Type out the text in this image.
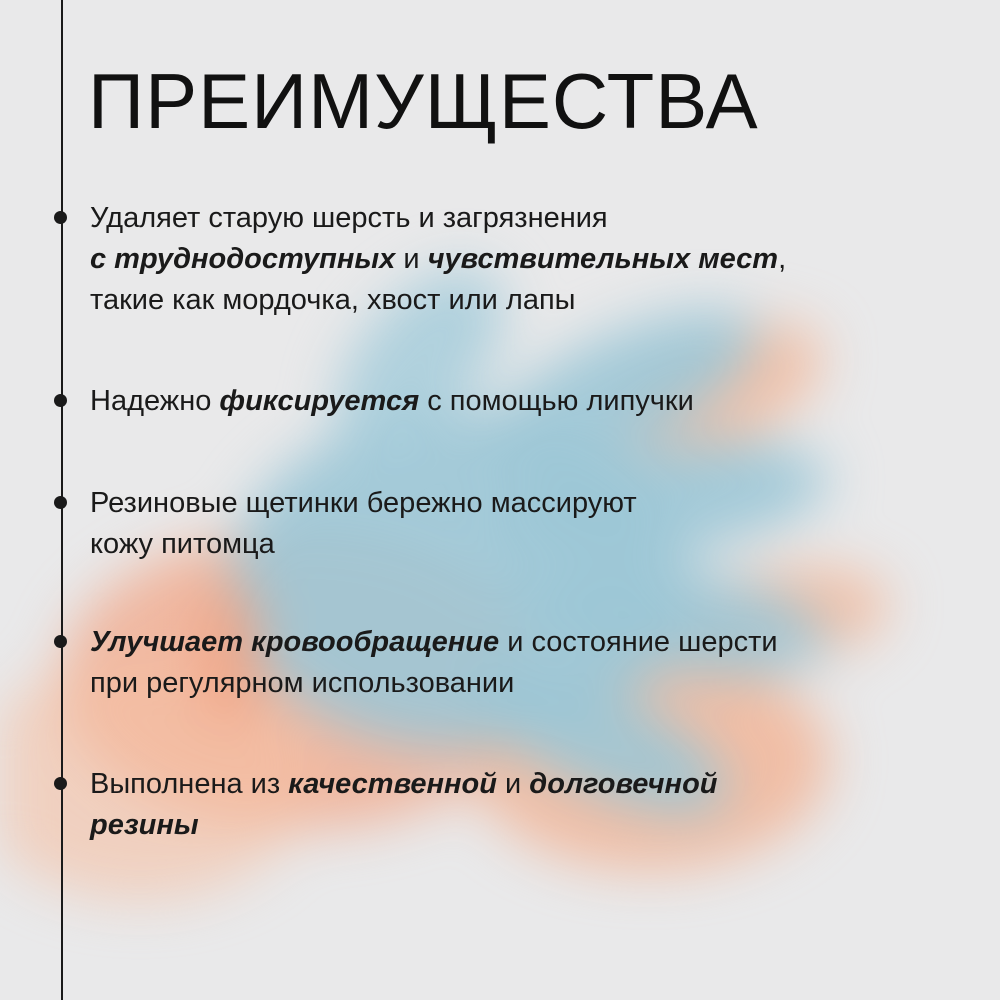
ПРЕИМУЩЕСТВА
Удаляет старую шерсть и загрязнения
с труднодоступных и чувствительных мест,
такие как мордочка, хвост или лапы
Надежно фиксируется с помощью липучки
Резиновые щетинки бережно массируют
кожу питомца
Улучшает кровообращение и состояние шерсти
при регулярном использовании
Выполнена из качественной и долговечной
резины
